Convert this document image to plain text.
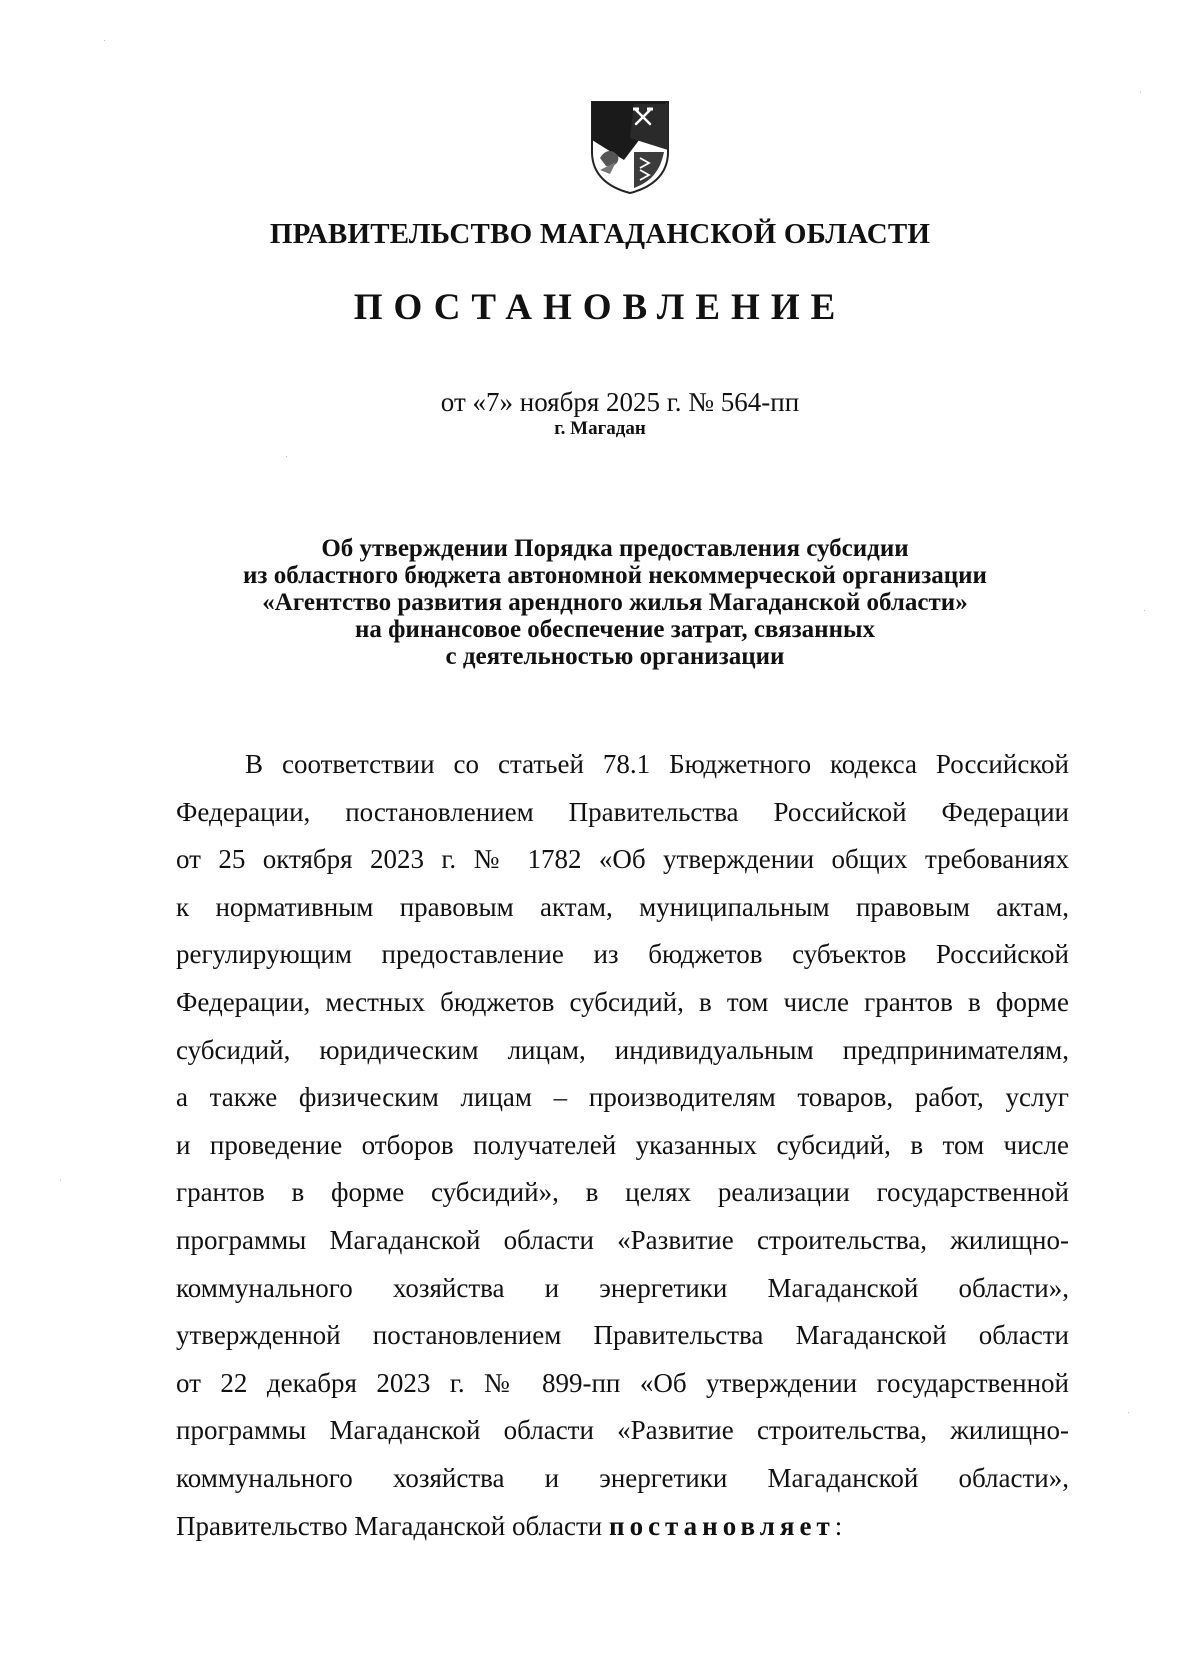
ПРАВИТЕЛЬСТВО МАГАДАНСКОЙ ОБЛАСТИ
ПОСТАНОВЛЕНИЕ
от «7» ноября 2025 г. № 564-пп
г. Магадан
Об утверждении Порядка предоставления субсидии
из областного бюджета автономной некоммерческой организации
«Агентство развития арендного жилья Магаданской области»
на финансовое обеспечение затрат, связанных
с деятельностью организации
В соответствии со статьей 78.1 Бюджетного кодекса Российской
Федерации, постановлением Правительства Российской Федерации
от 25 октября 2023 г. № 1782 «Об утверждении общих требованиях
к нормативным правовым актам, муниципальным правовым актам,
регулирующим предоставление из бюджетов субъектов Российской
Федерации, местных бюджетов субсидий, в том числе грантов в форме
субсидий, юридическим лицам, индивидуальным предпринимателям,
а также физическим лицам – производителям товаров, работ, услуг
и проведение отборов получателей указанных субсидий, в том числе
грантов в форме субсидий», в целях реализации государственной
программы Магаданской области «Развитие строительства, жилищно-
коммунального хозяйства и энергетики Магаданской области»,
утвержденной постановлением Правительства Магаданской области
от 22 декабря 2023 г. № 899-пп «Об утверждении государственной
программы Магаданской области «Развитие строительства, жилищно-
коммунального хозяйства и энергетики Магаданской области»,
Правительство Магаданской области постановляет:
